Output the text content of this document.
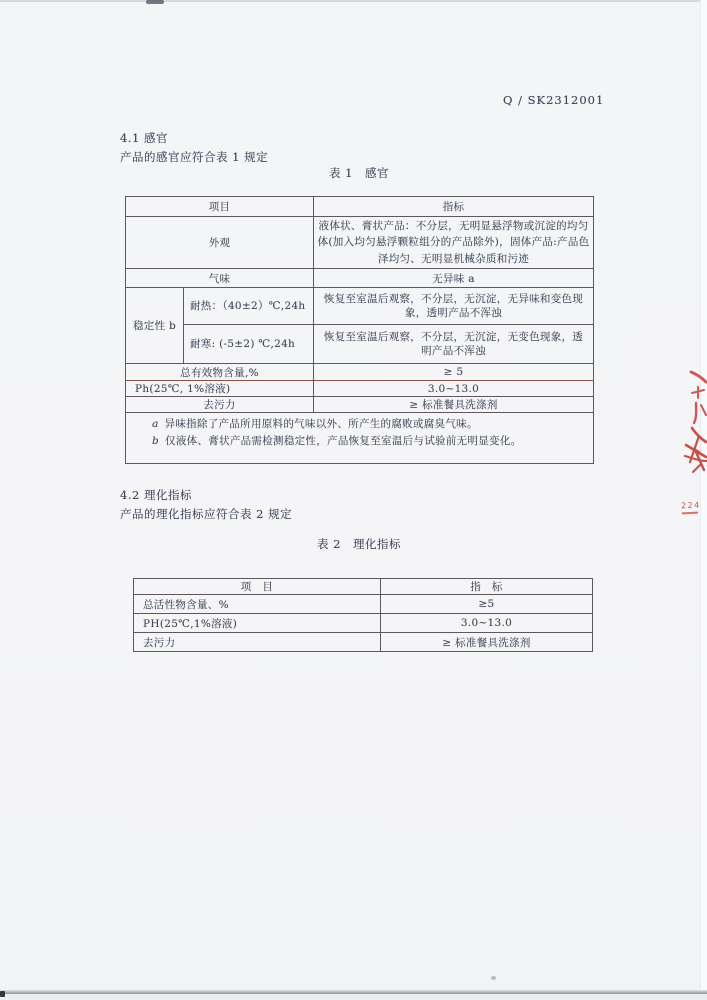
Q / SK2312001
4.1 感官
产品的感官应符合表 1 规定
表 1　感官
项目		指标
外观		液体状、膏状产品：不分层，无明显悬浮物或沉淀的均匀体(加入均匀悬浮颗粒组分的产品除外)，固体产品:产品色泽均匀、无明显机械杂质和污迹
气味		无异味 a
稳定性 b	耐热：（40±2）℃,24h	恢复至室温后观察，不分层，无沉淀，无异味和变色现象，透明产品不浑浊
	耐寒: (-5±2) ℃,24h	恢复至室温后观察，不分层，无沉淀，无变色现象，透明产品不浑浊
总有效物含量,%		≥ 5
Ph(25℃, 1%溶液)		3.0~13.0
去污力		≥ 标准餐具洗涤剂

a 异味指除了产品所用原料的气味以外、所产生的腐败或腐臭气味。
b 仅液体、膏状产品需检测稳定性，产品恢复至室温后与试验前无明显变化。		
4.2 理化指标
产品的理化指标应符合表 2 规定
表 2　理化指标
项　目	指　标
总活性物含量、%	≥5
PH(25℃,1%溶液)	3.0~13.0
去污力	≥ 标准餐具洗涤剂
224
